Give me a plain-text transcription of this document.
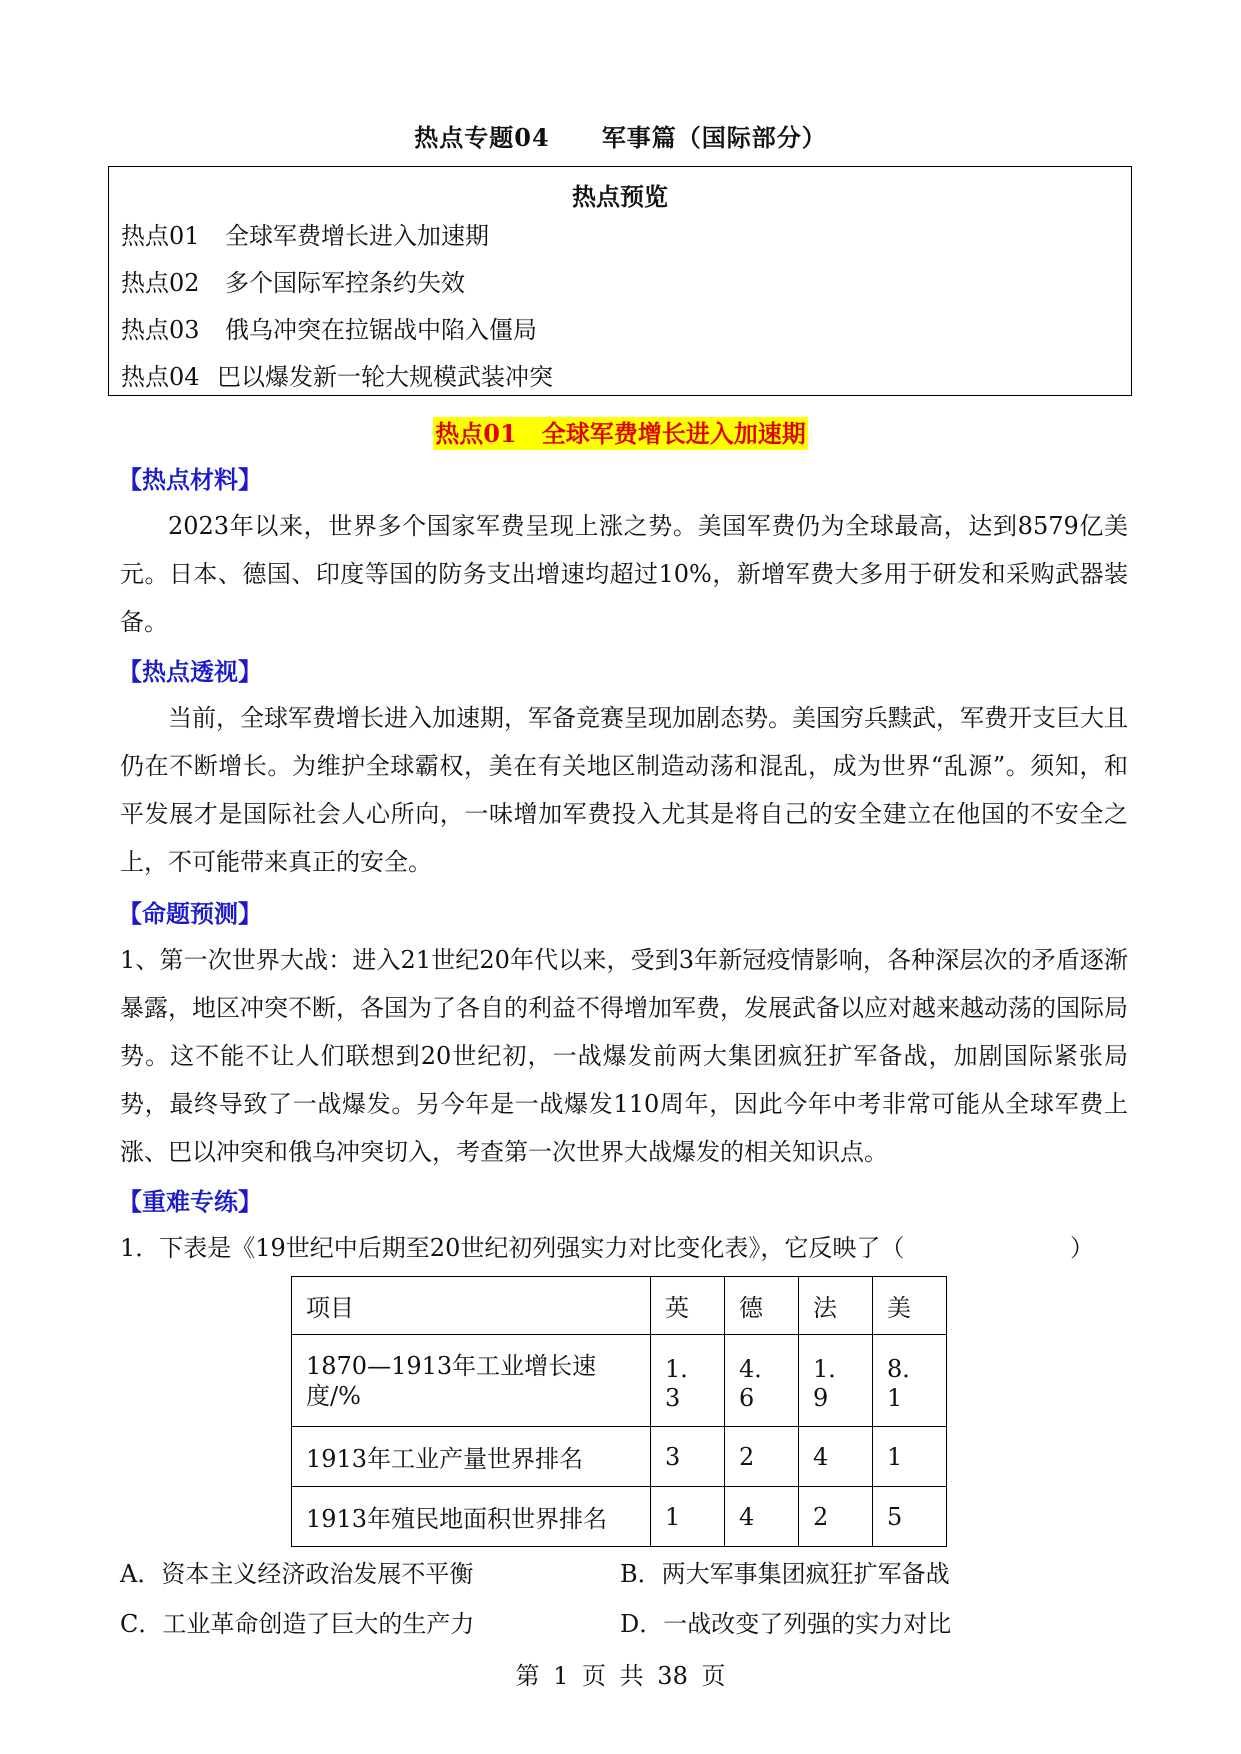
热点专题04 军事篇（国际部分）
热点预览
热点01 全球军费增长进入加速期
热点02 多个国际军控条约失效
热点03 俄乌冲突在拉锯战中陷入僵局
热点04 巴以爆发新一轮大规模武装冲突
热点01   全球军费增长进入加速期
【热点材料】
2023年以来，世界多个国家军费呈现上涨之势。美国军费仍为全球最高，达到8579亿美元。日本、德国、印度等国的防务支出增速均超过10%，新增军费大多用于研发和采购武器装备。
【热点透视】
当前，全球军费增长进入加速期，军备竞赛呈现加剧态势。美国穷兵黩武，军费开支巨大且仍在不断增长。为维护全球霸权，美在有关地区制造动荡和混乱，成为世界“乱源”。须知，和平发展才是国际社会人心所向，一味增加军费投入尤其是将自己的安全建立在他国的不安全之上，不可能带来真正的安全。
【命题预测】
1、第一次世界大战：进入21世纪20年代以来，受到3年新冠疫情影响，各种深层次的矛盾逐渐暴露，地区冲突不断，各国为了各自的利益不得增加军费，发展武备以应对越来越动荡的国际局势。这不能不让人们联想到20世纪初，一战爆发前两大集团疯狂扩军备战，加剧国际紧张局势，最终导致了一战爆发。另今年是一战爆发110周年，因此今年中考非常可能从全球军费上涨、巴以冲突和俄乌冲突切入，考查第一次世界大战爆发的相关知识点。
【重难专练】
1．下表是《19世纪中后期至20世纪初列强实力对比变化表》，它反映了（	）
项目	英	德	法	美
1870—1913年工业增长速度/%	1．3	4．6	1．9	8．1
1913年工业产量世界排名	3	2	4	1
1913年殖民地面积世界排名	1	4	2	5
A．资本主义经济政治发展不平衡	B．两大军事集团疯狂扩军备战
C．工业革命创造了巨大的生产力	D．一战改变了列强的实力对比
第 1 页 共 38 页
